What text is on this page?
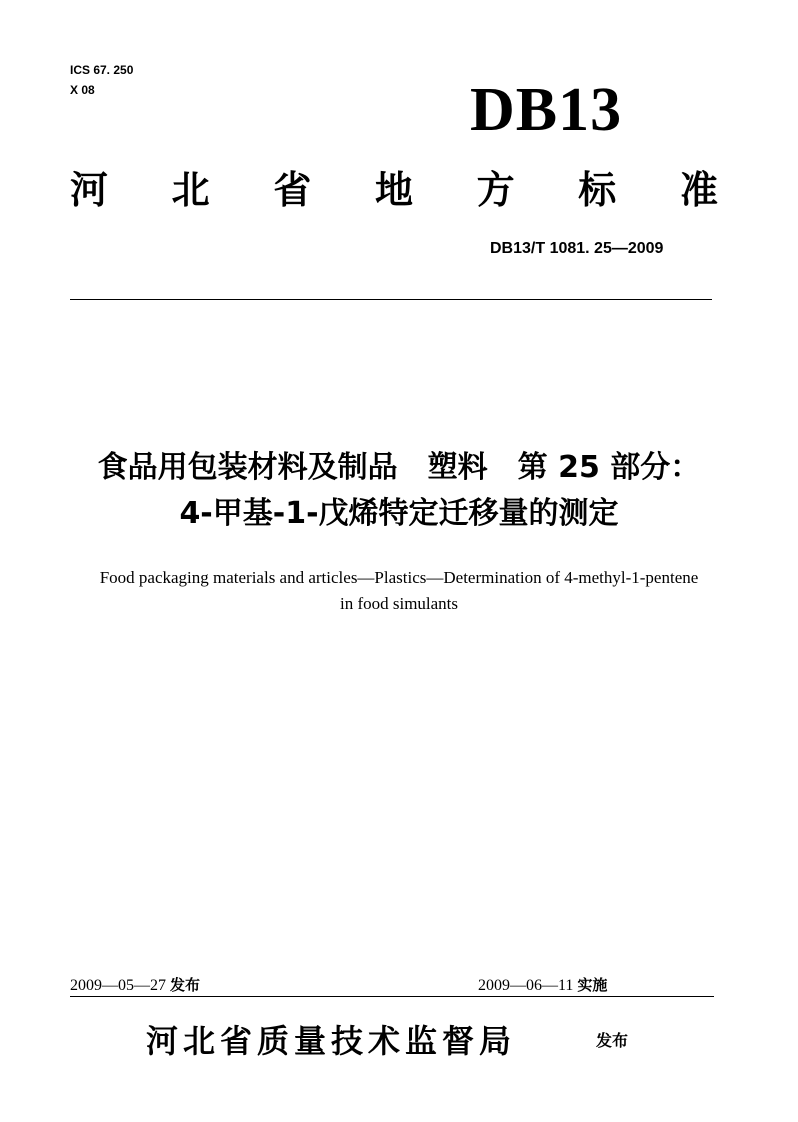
ICS 67. 250
X 08	DB13
河 北 省 地 方 标 准
DB13/T 1081. 25—2009
食品用包装材料及制品　塑料　第 25 部分：
4-甲基-1-戊烯特定迁移量的测定
Food packaging materials and articles—Plastics—Determination of 4-methyl-1-pentene
in food simulants
2009—05—27 发布	2009—06—11 实施
河北省质量技术监督局	发布
